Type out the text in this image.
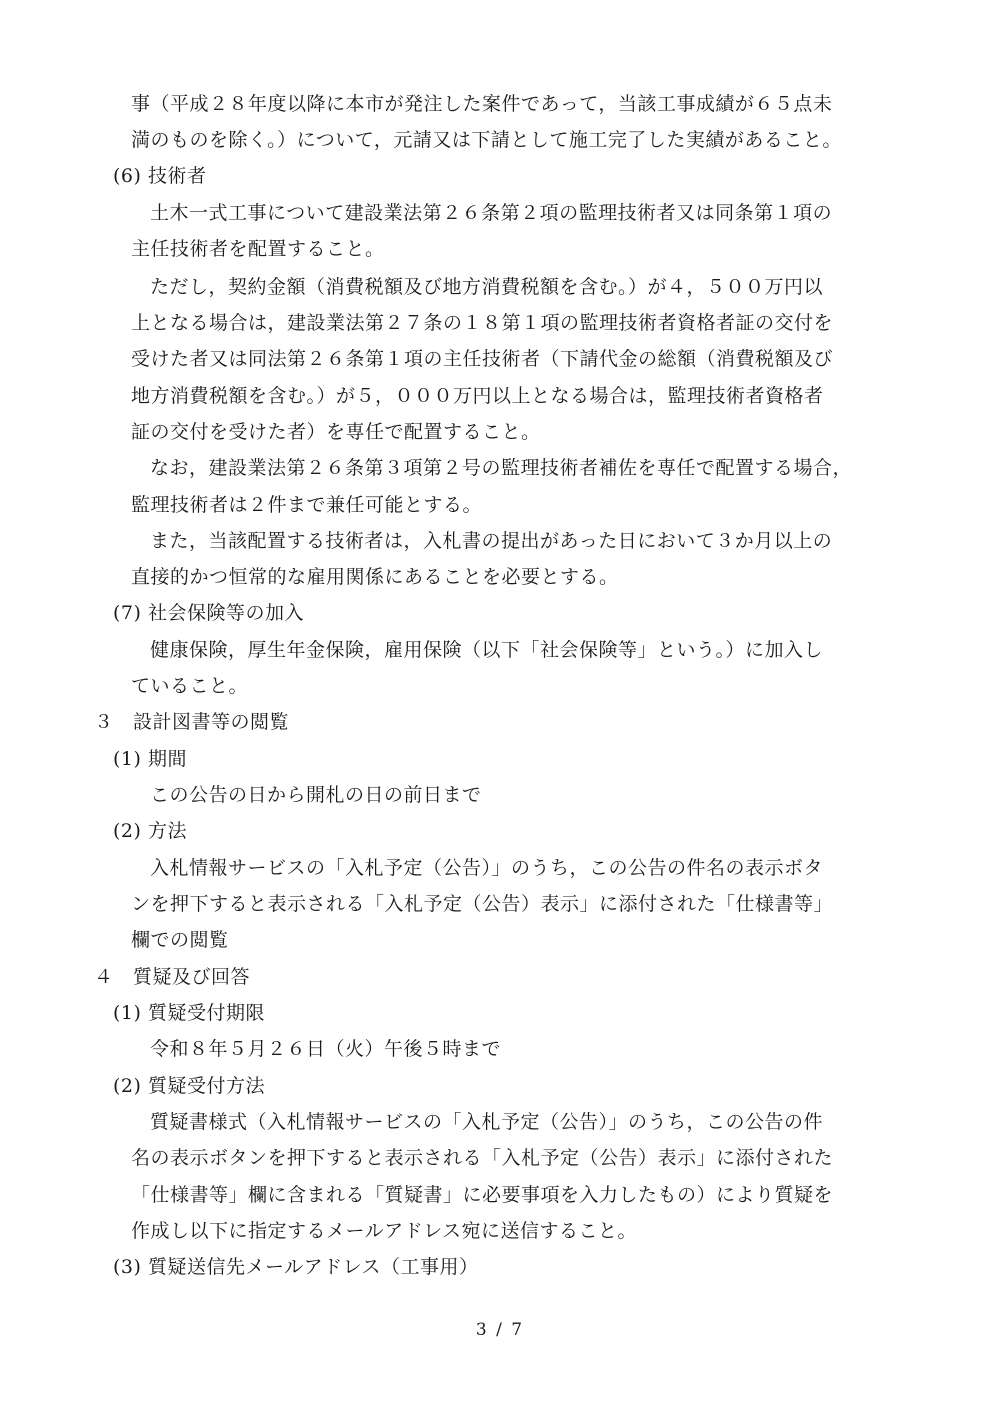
事（平成２８年度以降に本市が発注した案件であって，当該工事成績が６５点未
満のものを除く。）について，元請又は下請として施工完了した実績があること。
(6) 技術者
土木一式工事について建設業法第２６条第２項の監理技術者又は同条第１項の
主任技術者を配置すること。
ただし，契約金額（消費税額及び地方消費税額を含む。）が４，５００万円以
上となる場合は，建設業法第２７条の１８第１項の監理技術者資格者証の交付を
受けた者又は同法第２６条第１項の主任技術者（下請代金の総額（消費税額及び
地方消費税額を含む。）が５，０００万円以上となる場合は，監理技術者資格者
証の交付を受けた者）を専任で配置すること。
なお，建設業法第２６条第３項第２号の監理技術者補佐を専任で配置する場合，
監理技術者は２件まで兼任可能とする。
また，当該配置する技術者は，入札書の提出があった日において３か月以上の
直接的かつ恒常的な雇用関係にあることを必要とする。
(7) 社会保険等の加入
健康保険，厚生年金保険，雇用保険（以下「社会保険等」という。）に加入し
ていること。
３　設計図書等の閲覧
(1) 期間
この公告の日から開札の日の前日まで
(2) 方法
入札情報サービスの「入札予定（公告）」のうち，この公告の件名の表示ボタ
ンを押下すると表示される「入札予定（公告）表示」に添付された「仕様書等」
欄での閲覧
４　質疑及び回答
(1) 質疑受付期限
令和８年５月２６日（火）午後５時まで
(2) 質疑受付方法
質疑書様式（入札情報サービスの「入札予定（公告）」のうち，この公告の件
名の表示ボタンを押下すると表示される「入札予定（公告）表示」に添付された
「仕様書等」欄に含まれる「質疑書」に必要事項を入力したもの）により質疑を
作成し以下に指定するメールアドレス宛に送信すること。
(3) 質疑送信先メールアドレス（工事用）
3 / 7
